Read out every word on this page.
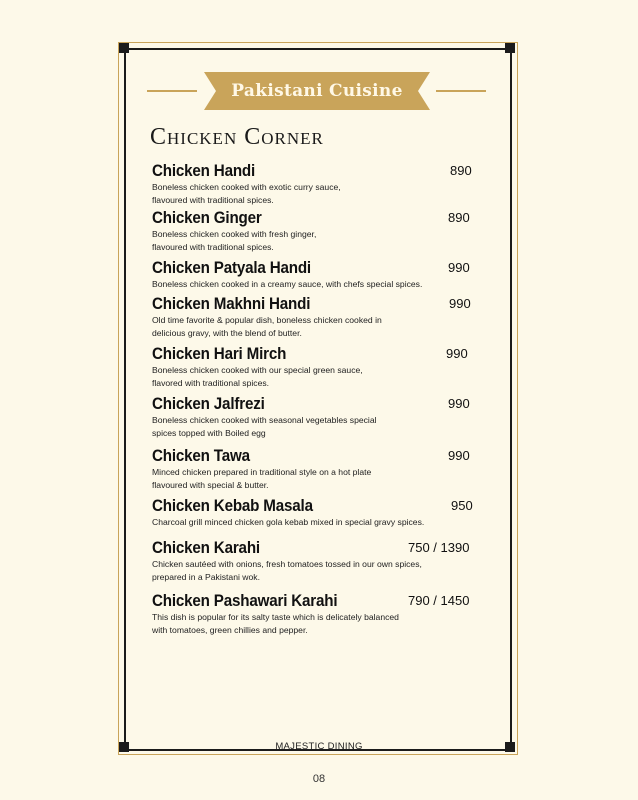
Pakistani Cuisine
Chicken Corner
Chicken Handi
Boneless chicken cooked with exotic curry sauce,
flavoured with traditional spices.
890
Chicken Ginger
Boneless chicken cooked with fresh ginger,
flavoured with traditional spices.
890
Chicken Patyala Handi
Boneless chicken cooked in a creamy sauce, with chefs special spices.
990
Chicken Makhni Handi
Old time favorite & popular dish, boneless chicken cooked in
delicious gravy, with the blend of butter.
990
Chicken Hari Mirch
Boneless chicken cooked with our special green sauce,
flavored with traditional spices.
990
Chicken Jalfrezi
Boneless chicken cooked with seasonal vegetables special
spices topped with Boiled egg
990
Chicken Tawa
Minced chicken prepared in traditional style on a hot plate
flavoured with special & butter.
990
Chicken Kebab Masala
Charcoal grill minced chicken gola kebab mixed in special gravy spices.
950
Chicken Karahi
Chicken sautéed with onions, fresh tomatoes tossed in our own spices,
prepared in a Pakistani wok.
750 / 1390
Chicken Pashawari Karahi
This dish is popular for its salty taste which is delicately balanced
with tomatoes, green chillies and pepper.
790 / 1450
MAJESTIC DINING
08
